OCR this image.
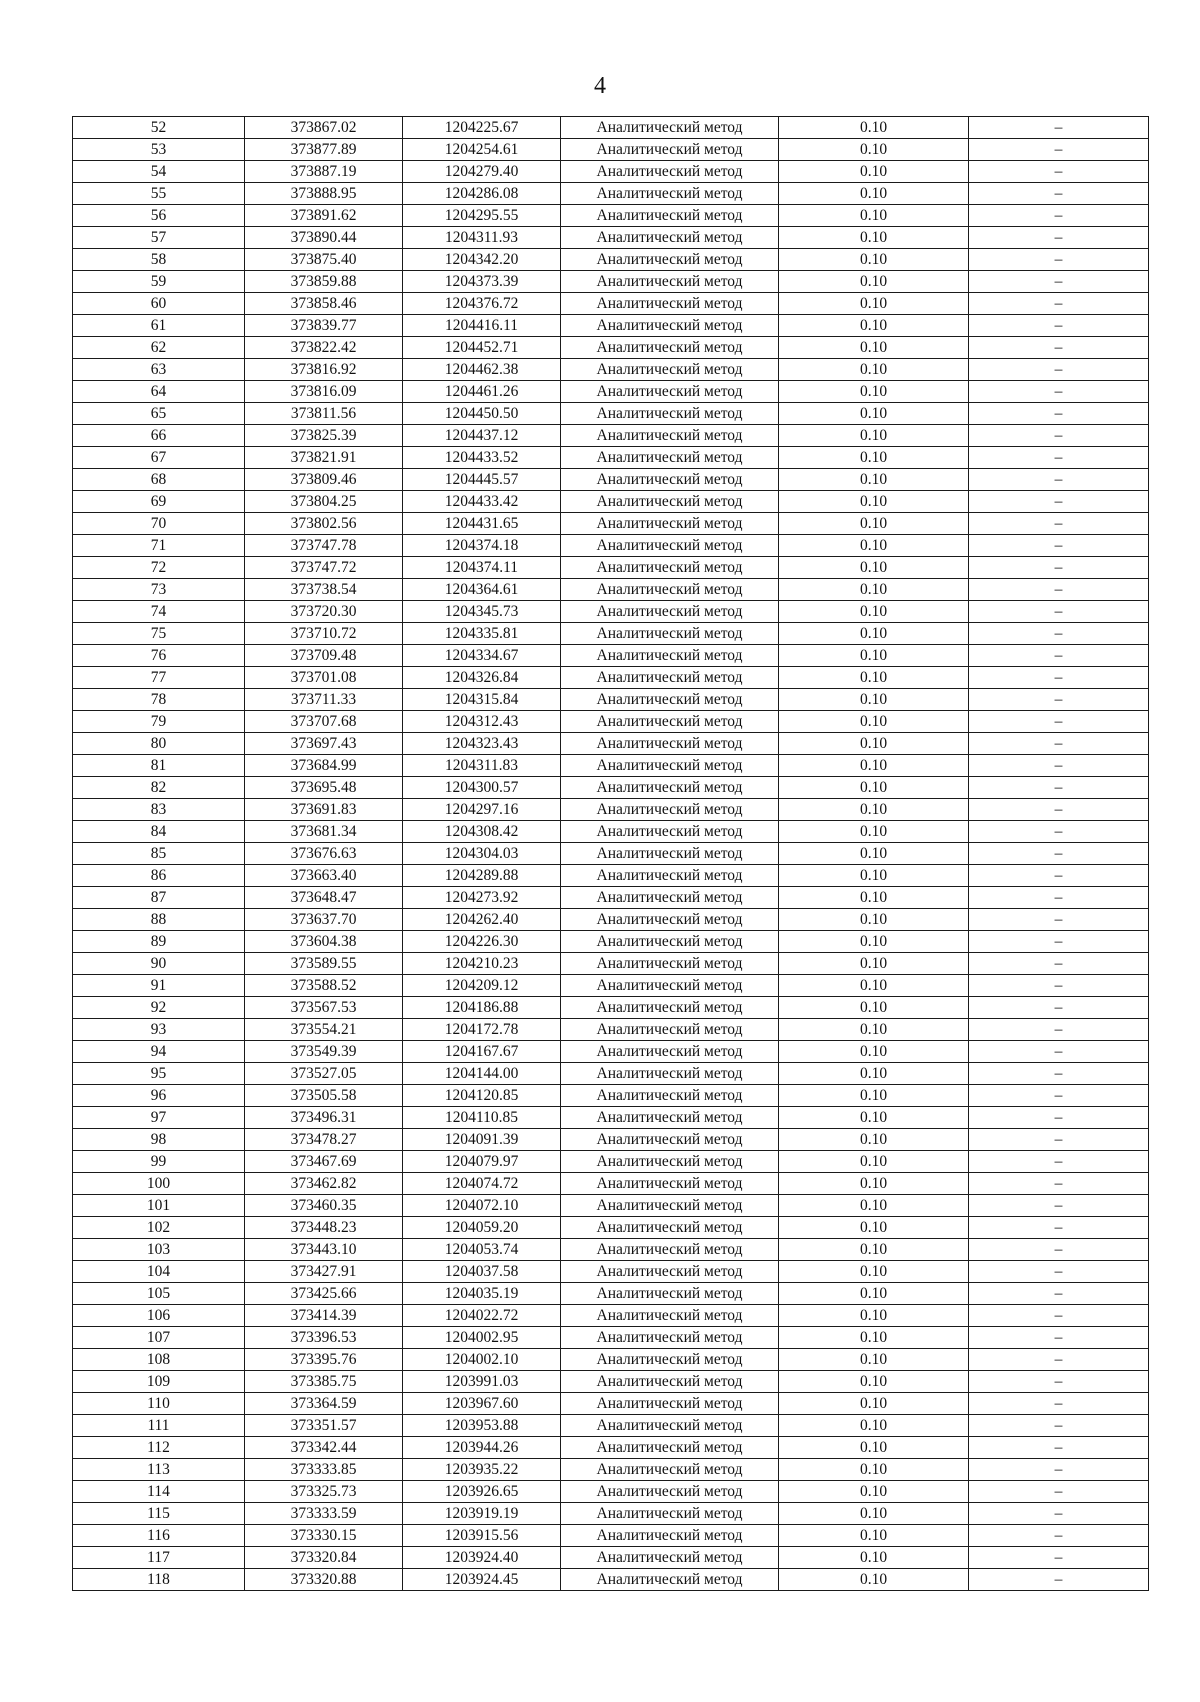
4
52	373867.02	1204225.67	Аналитический метод	0.10	–
53	373877.89	1204254.61	Аналитический метод	0.10	–
54	373887.19	1204279.40	Аналитический метод	0.10	–
55	373888.95	1204286.08	Аналитический метод	0.10	–
56	373891.62	1204295.55	Аналитический метод	0.10	–
57	373890.44	1204311.93	Аналитический метод	0.10	–
58	373875.40	1204342.20	Аналитический метод	0.10	–
59	373859.88	1204373.39	Аналитический метод	0.10	–
60	373858.46	1204376.72	Аналитический метод	0.10	–
61	373839.77	1204416.11	Аналитический метод	0.10	–
62	373822.42	1204452.71	Аналитический метод	0.10	–
63	373816.92	1204462.38	Аналитический метод	0.10	–
64	373816.09	1204461.26	Аналитический метод	0.10	–
65	373811.56	1204450.50	Аналитический метод	0.10	–
66	373825.39	1204437.12	Аналитический метод	0.10	–
67	373821.91	1204433.52	Аналитический метод	0.10	–
68	373809.46	1204445.57	Аналитический метод	0.10	–
69	373804.25	1204433.42	Аналитический метод	0.10	–
70	373802.56	1204431.65	Аналитический метод	0.10	–
71	373747.78	1204374.18	Аналитический метод	0.10	–
72	373747.72	1204374.11	Аналитический метод	0.10	–
73	373738.54	1204364.61	Аналитический метод	0.10	–
74	373720.30	1204345.73	Аналитический метод	0.10	–
75	373710.72	1204335.81	Аналитический метод	0.10	–
76	373709.48	1204334.67	Аналитический метод	0.10	–
77	373701.08	1204326.84	Аналитический метод	0.10	–
78	373711.33	1204315.84	Аналитический метод	0.10	–
79	373707.68	1204312.43	Аналитический метод	0.10	–
80	373697.43	1204323.43	Аналитический метод	0.10	–
81	373684.99	1204311.83	Аналитический метод	0.10	–
82	373695.48	1204300.57	Аналитический метод	0.10	–
83	373691.83	1204297.16	Аналитический метод	0.10	–
84	373681.34	1204308.42	Аналитический метод	0.10	–
85	373676.63	1204304.03	Аналитический метод	0.10	–
86	373663.40	1204289.88	Аналитический метод	0.10	–
87	373648.47	1204273.92	Аналитический метод	0.10	–
88	373637.70	1204262.40	Аналитический метод	0.10	–
89	373604.38	1204226.30	Аналитический метод	0.10	–
90	373589.55	1204210.23	Аналитический метод	0.10	–
91	373588.52	1204209.12	Аналитический метод	0.10	–
92	373567.53	1204186.88	Аналитический метод	0.10	–
93	373554.21	1204172.78	Аналитический метод	0.10	–
94	373549.39	1204167.67	Аналитический метод	0.10	–
95	373527.05	1204144.00	Аналитический метод	0.10	–
96	373505.58	1204120.85	Аналитический метод	0.10	–
97	373496.31	1204110.85	Аналитический метод	0.10	–
98	373478.27	1204091.39	Аналитический метод	0.10	–
99	373467.69	1204079.97	Аналитический метод	0.10	–
100	373462.82	1204074.72	Аналитический метод	0.10	–
101	373460.35	1204072.10	Аналитический метод	0.10	–
102	373448.23	1204059.20	Аналитический метод	0.10	–
103	373443.10	1204053.74	Аналитический метод	0.10	–
104	373427.91	1204037.58	Аналитический метод	0.10	–
105	373425.66	1204035.19	Аналитический метод	0.10	–
106	373414.39	1204022.72	Аналитический метод	0.10	–
107	373396.53	1204002.95	Аналитический метод	0.10	–
108	373395.76	1204002.10	Аналитический метод	0.10	–
109	373385.75	1203991.03	Аналитический метод	0.10	–
110	373364.59	1203967.60	Аналитический метод	0.10	–
111	373351.57	1203953.88	Аналитический метод	0.10	–
112	373342.44	1203944.26	Аналитический метод	0.10	–
113	373333.85	1203935.22	Аналитический метод	0.10	–
114	373325.73	1203926.65	Аналитический метод	0.10	–
115	373333.59	1203919.19	Аналитический метод	0.10	–
116	373330.15	1203915.56	Аналитический метод	0.10	–
117	373320.84	1203924.40	Аналитический метод	0.10	–
118	373320.88	1203924.45	Аналитический метод	0.10	–
